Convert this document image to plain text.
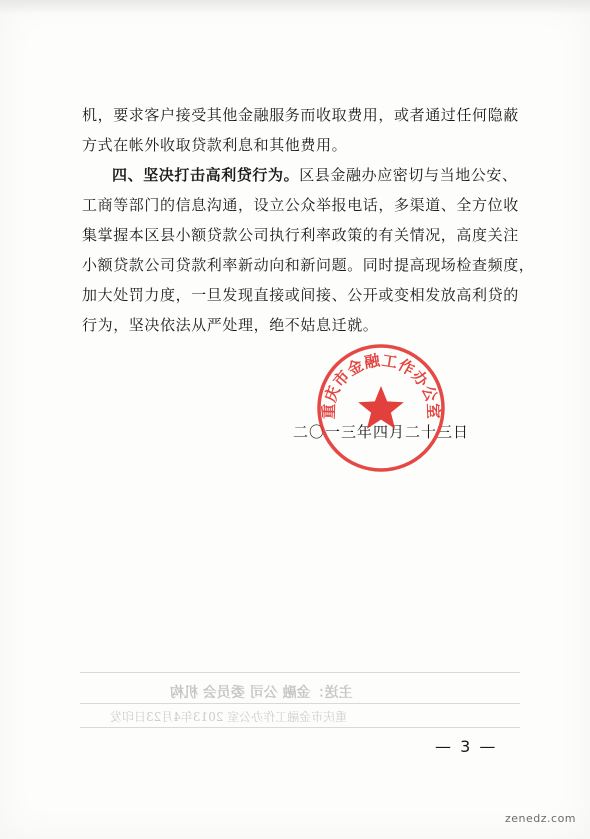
机，要求客户接受其他金融服务而收取费用，或者通过任何隐蔽
方式在帐外收取贷款利息和其他费用。
四、坚决打击高利贷行为。区县金融办应密切与当地公安、
工商等部门的信息沟通，设立公众举报电话，多渠道、全方位收
集掌握本区县小额贷款公司执行利率政策的有关情况，高度关注
小额贷款公司贷款利率新动向和新问题。同时提高现场检查频度，
加大处罚力度，一旦发现直接或间接、公开或变相发放高利贷的
行为，坚决依法从严处理，绝不姑息迁就。
主送：金融 公司 委员会 机构
重庆市金融工作办公室 2013年4月23日印发
二〇一三年四月二十三日
重庆市金融工作办公室
— 3 —
zenedz.com
